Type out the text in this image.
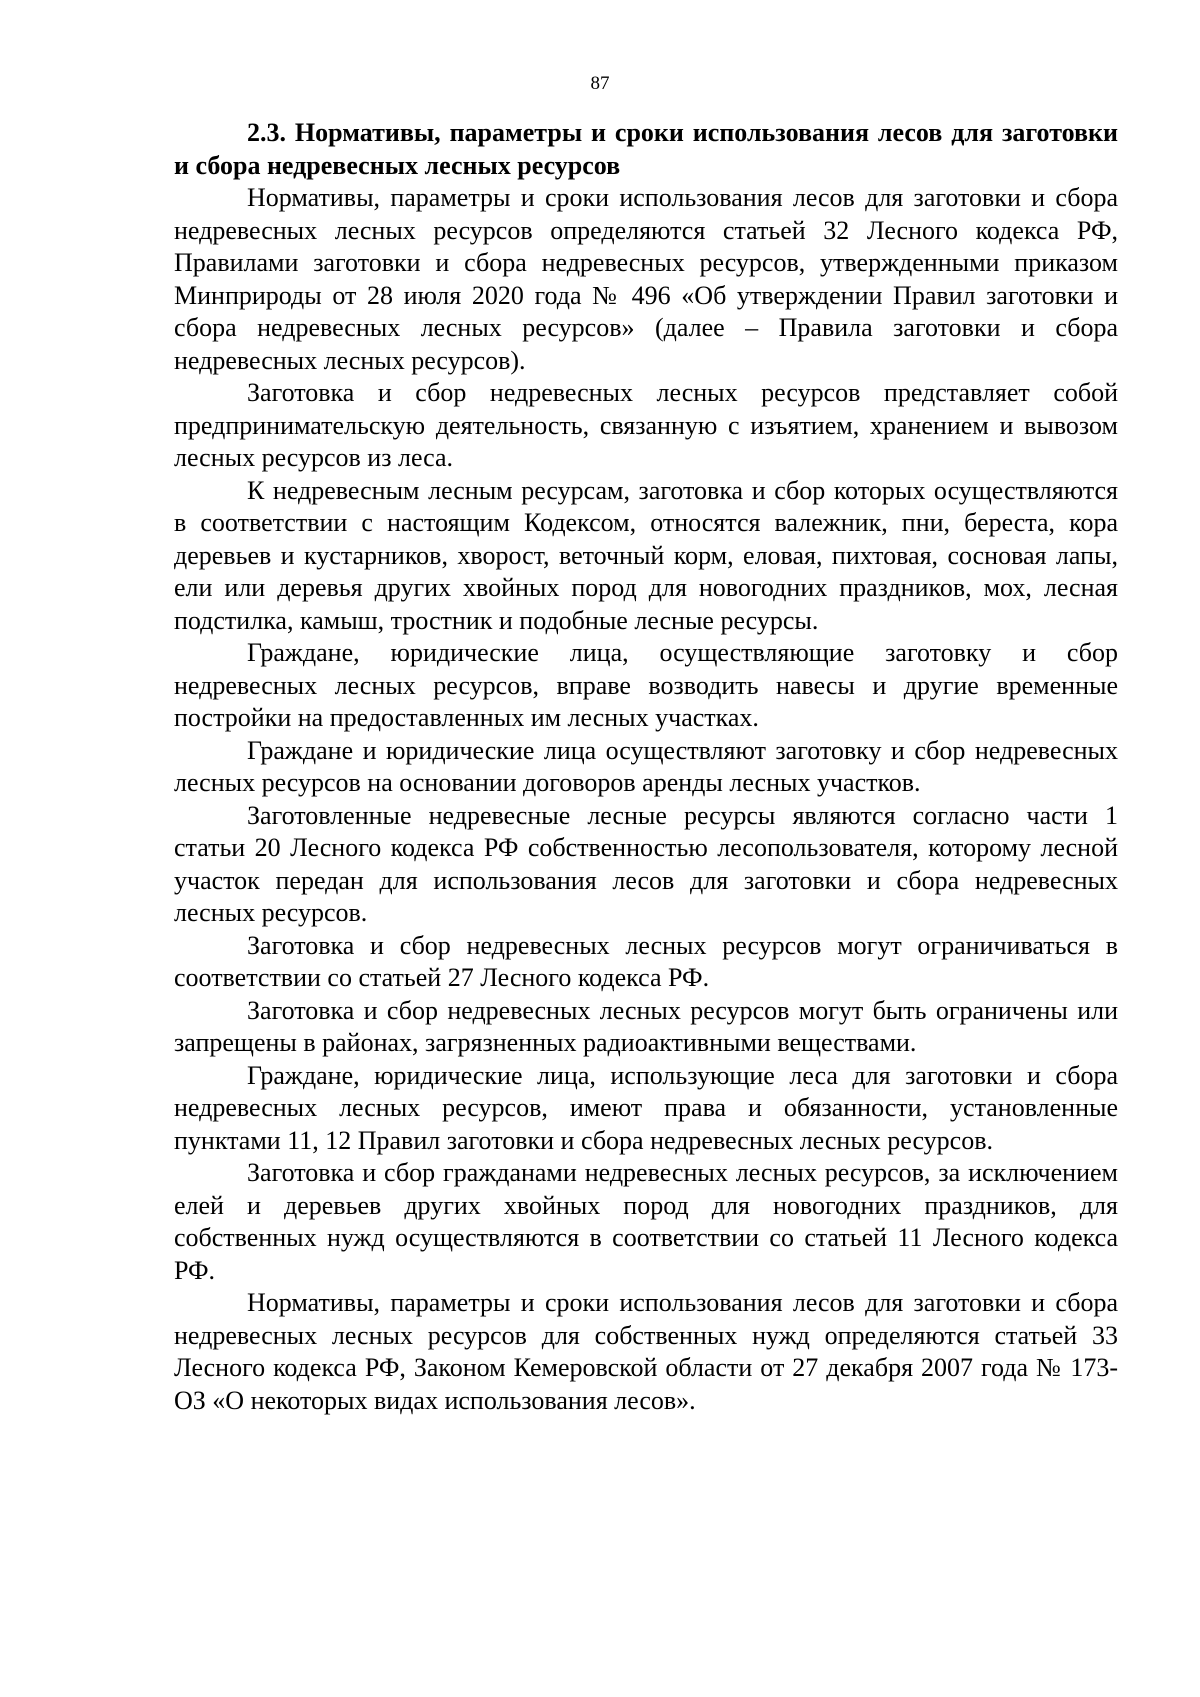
87

2.3. Нормативы, параметры и сроки использования лесов для заготовки и сбора недревесных лесных ресурсов

Нормативы, параметры и сроки использования лесов для заготовки и сбора недревесных лесных ресурсов определяются статьей 32 Лесного кодекса РФ, Правилами заготовки и сбора недревесных ресурсов, утвержденными приказом Минприроды от 28 июля 2020 года № 496 «Об утверждении Правил заготовки и сбора недревесных лесных ресурсов» (далее – Правила заготовки и сбора недревесных лесных ресурсов).

Заготовка и сбор недревесных лесных ресурсов представляет собой предпринимательскую деятельность, связанную с изъятием, хранением и вывозом лесных ресурсов из леса.

К недревесным лесным ресурсам, заготовка и сбор которых осуществляются в соответствии с настоящим Кодексом, относятся валежник, пни, береста, кора деревьев и кустарников, хворост, веточный корм, еловая, пихтовая, сосновая лапы, ели или деревья других хвойных пород для новогодних праздников, мох, лесная подстилка, камыш, тростник и подобные лесные ресурсы.

Граждане, юридические лица, осуществляющие заготовку и сбор недревесных лесных ресурсов, вправе возводить навесы и другие временные постройки на предоставленных им лесных участках.

Граждане и юридические лица осуществляют заготовку и сбор недревесных лесных ресурсов на основании договоров аренды лесных участков.

Заготовленные недревесные лесные ресурсы являются согласно части 1 статьи 20 Лесного кодекса РФ собственностью лесопользователя, которому лесной участок передан для использования лесов для заготовки и сбора недревесных лесных ресурсов.

Заготовка и сбор недревесных лесных ресурсов могут ограничиваться в соответствии со статьей 27 Лесного кодекса РФ.

Заготовка и сбор недревесных лесных ресурсов могут быть ограничены или запрещены в районах, загрязненных радиоактивными веществами.

Граждане, юридические лица, использующие леса для заготовки и сбора недревесных лесных ресурсов, имеют права и обязанности, установленные пунктами 11, 12 Правил заготовки и сбора недревесных лесных ресурсов.

Заготовка и сбор гражданами недревесных лесных ресурсов, за исключением елей и деревьев других хвойных пород для новогодних праздников, для собственных нужд осуществляются в соответствии со статьей 11 Лесного кодекса РФ.

Нормативы, параметры и сроки использования лесов для заготовки и сбора недревесных лесных ресурсов для собственных нужд определяются статьей 33 Лесного кодекса РФ, Законом Кемеровской области от 27 декабря 2007 года № 173-ОЗ «О некоторых видах использования лесов».
